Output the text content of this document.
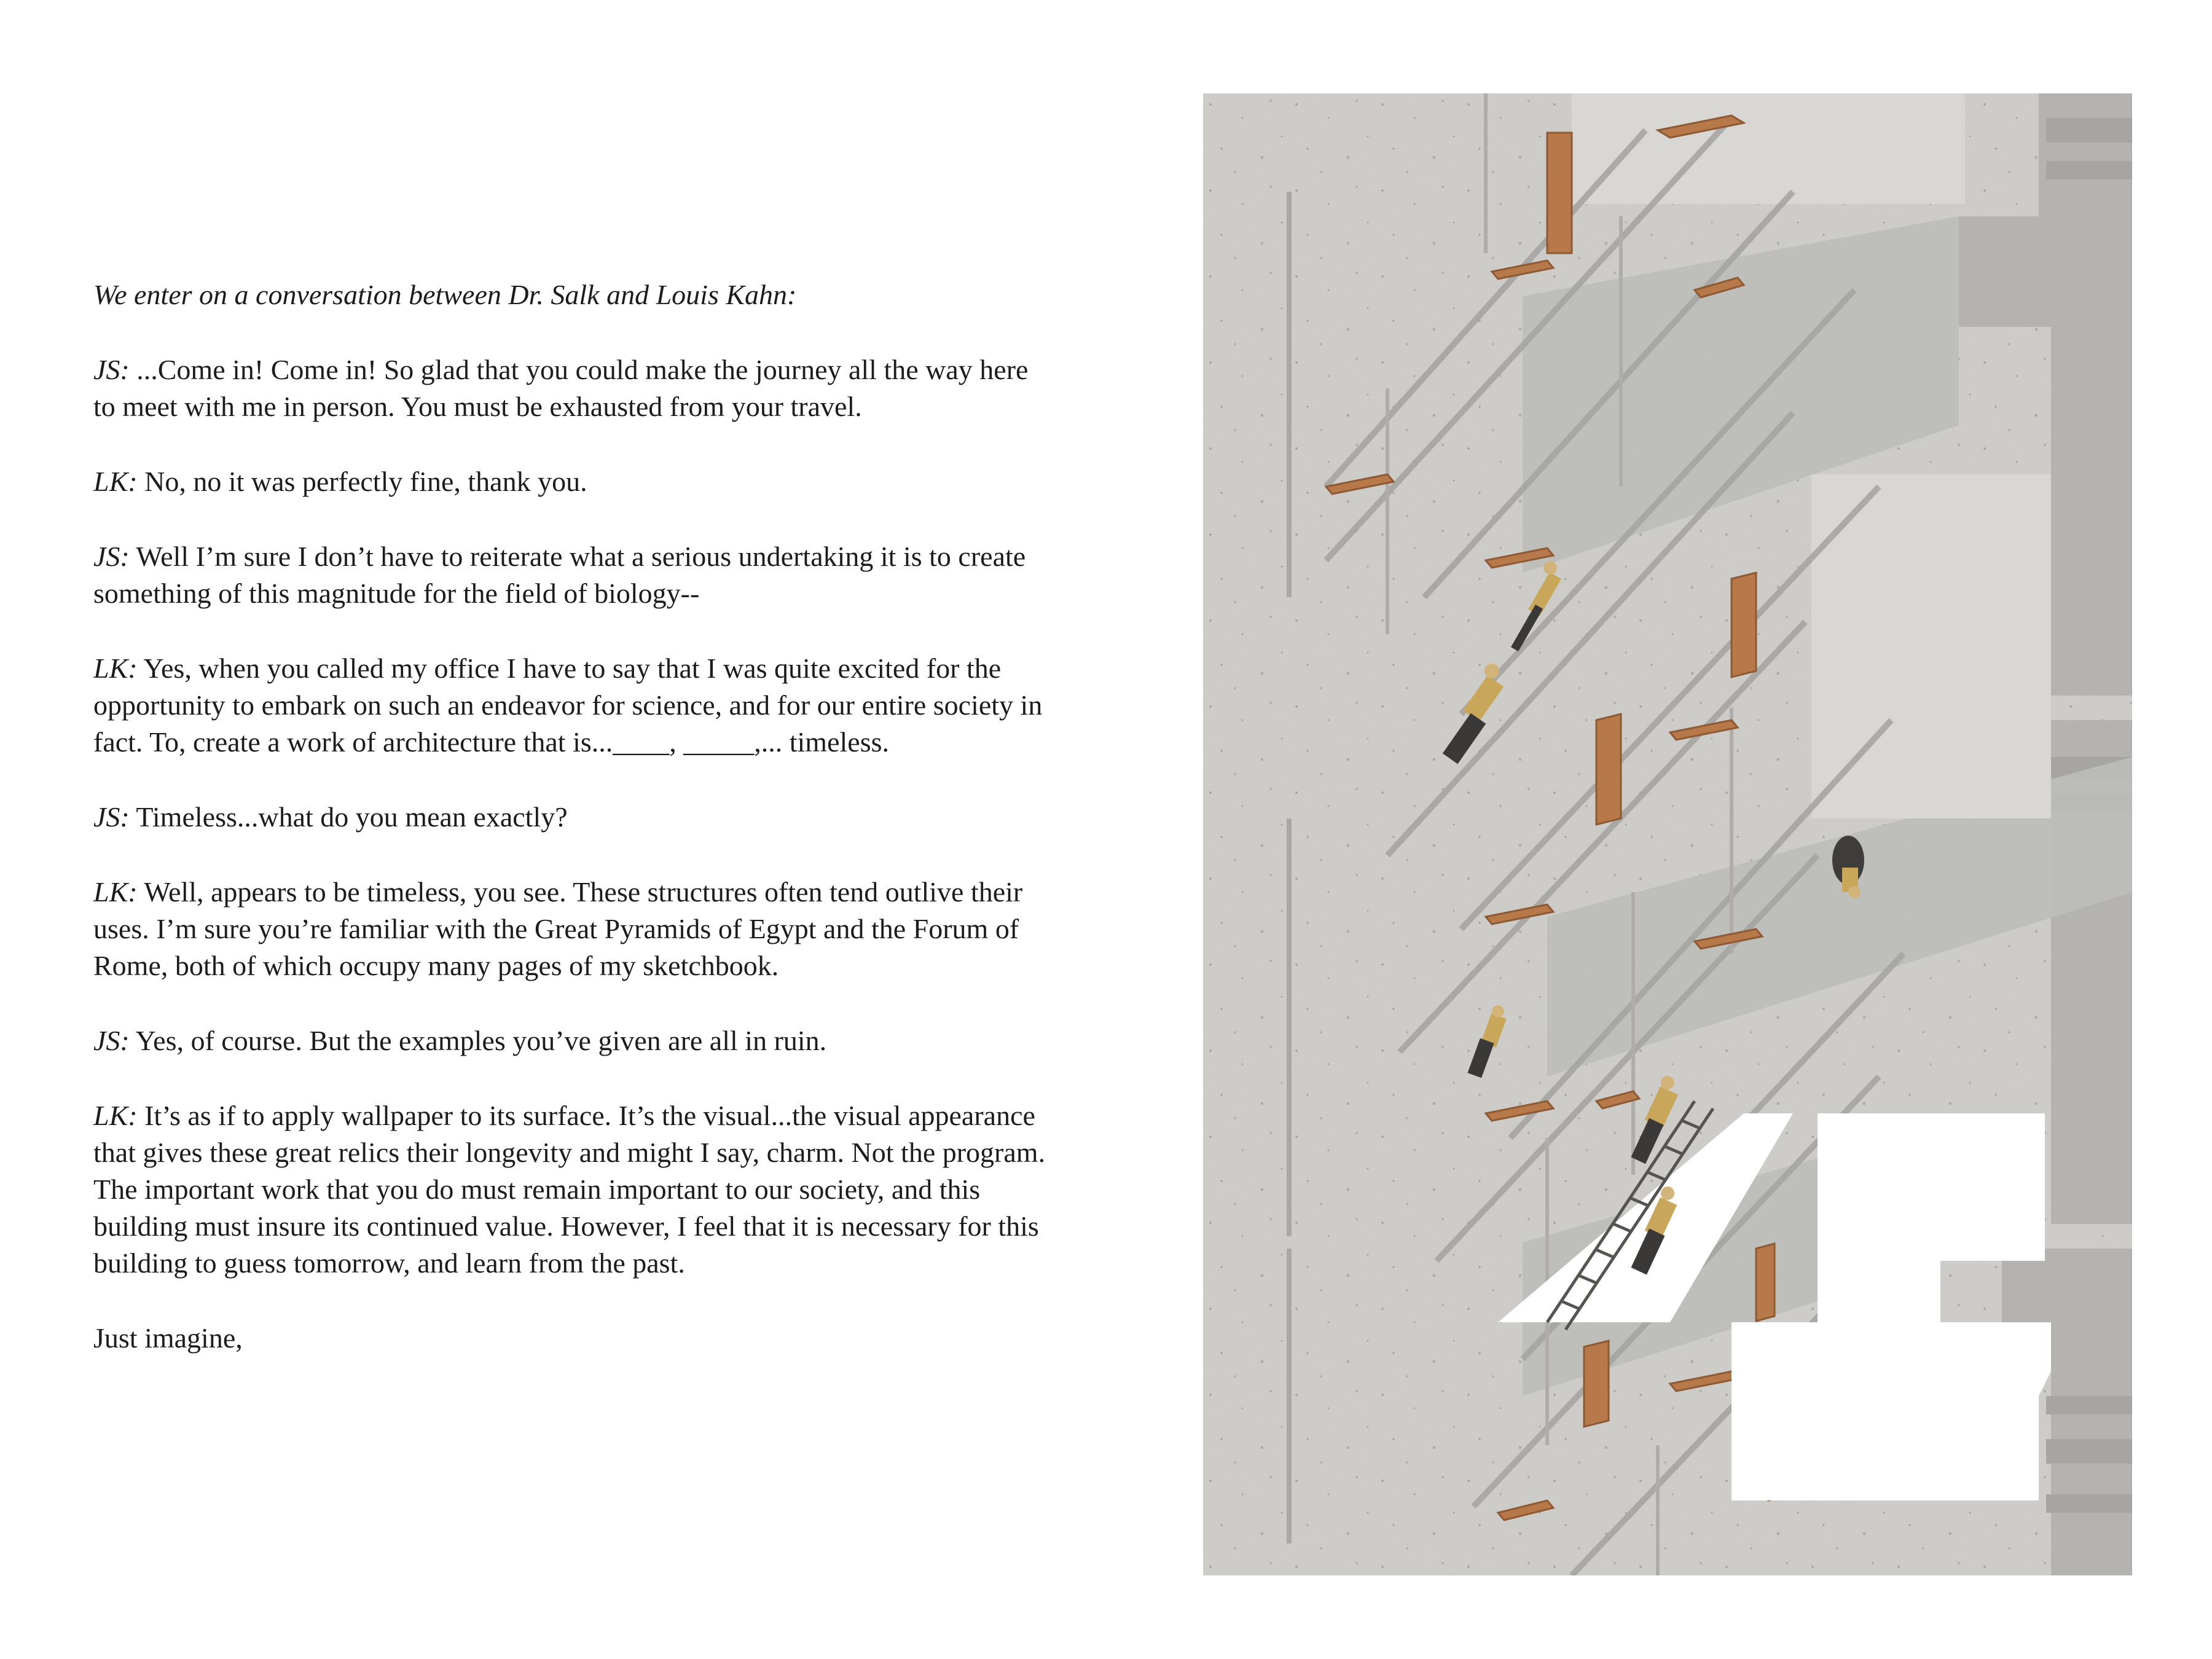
We enter on a conversation between Dr. Salk and Louis Kahn:

JS: ...Come in! Come in! So glad that you could make the journey all the way here to meet with me in person. You must be exhausted from your travel.

LK: No, no it was perfectly fine, thank you.

JS: Well I’m sure I don’t have to reiterate what a serious undertaking it is to create something of this magnitude for the field of biology--

LK: Yes, when you called my office I have to say that I was quite excited for the opportunity to embark on such an endeavor for science, and for our entire society in fact. To, create a work of architecture that is...____, _____,... timeless.

JS: Timeless...what do you mean exactly?

LK: Well, appears to be timeless, you see. These structures often tend outlive their uses. I’m sure you’re familiar with the Great Pyramids of Egypt and the Forum of Rome, both of which occupy many pages of my sketchbook.

JS: Yes, of course. But the examples you’ve given are all in ruin.

LK: It’s as if to apply wallpaper to its surface. It’s the visual...the visual appearance that gives these great relics their longevity and might I say, charm. Not the program. The important work that you do must remain important to our society, and this building must insure its continued value. However, I feel that it is necessary for this building to guess tomorrow, and learn from the past.

Just imagine,
